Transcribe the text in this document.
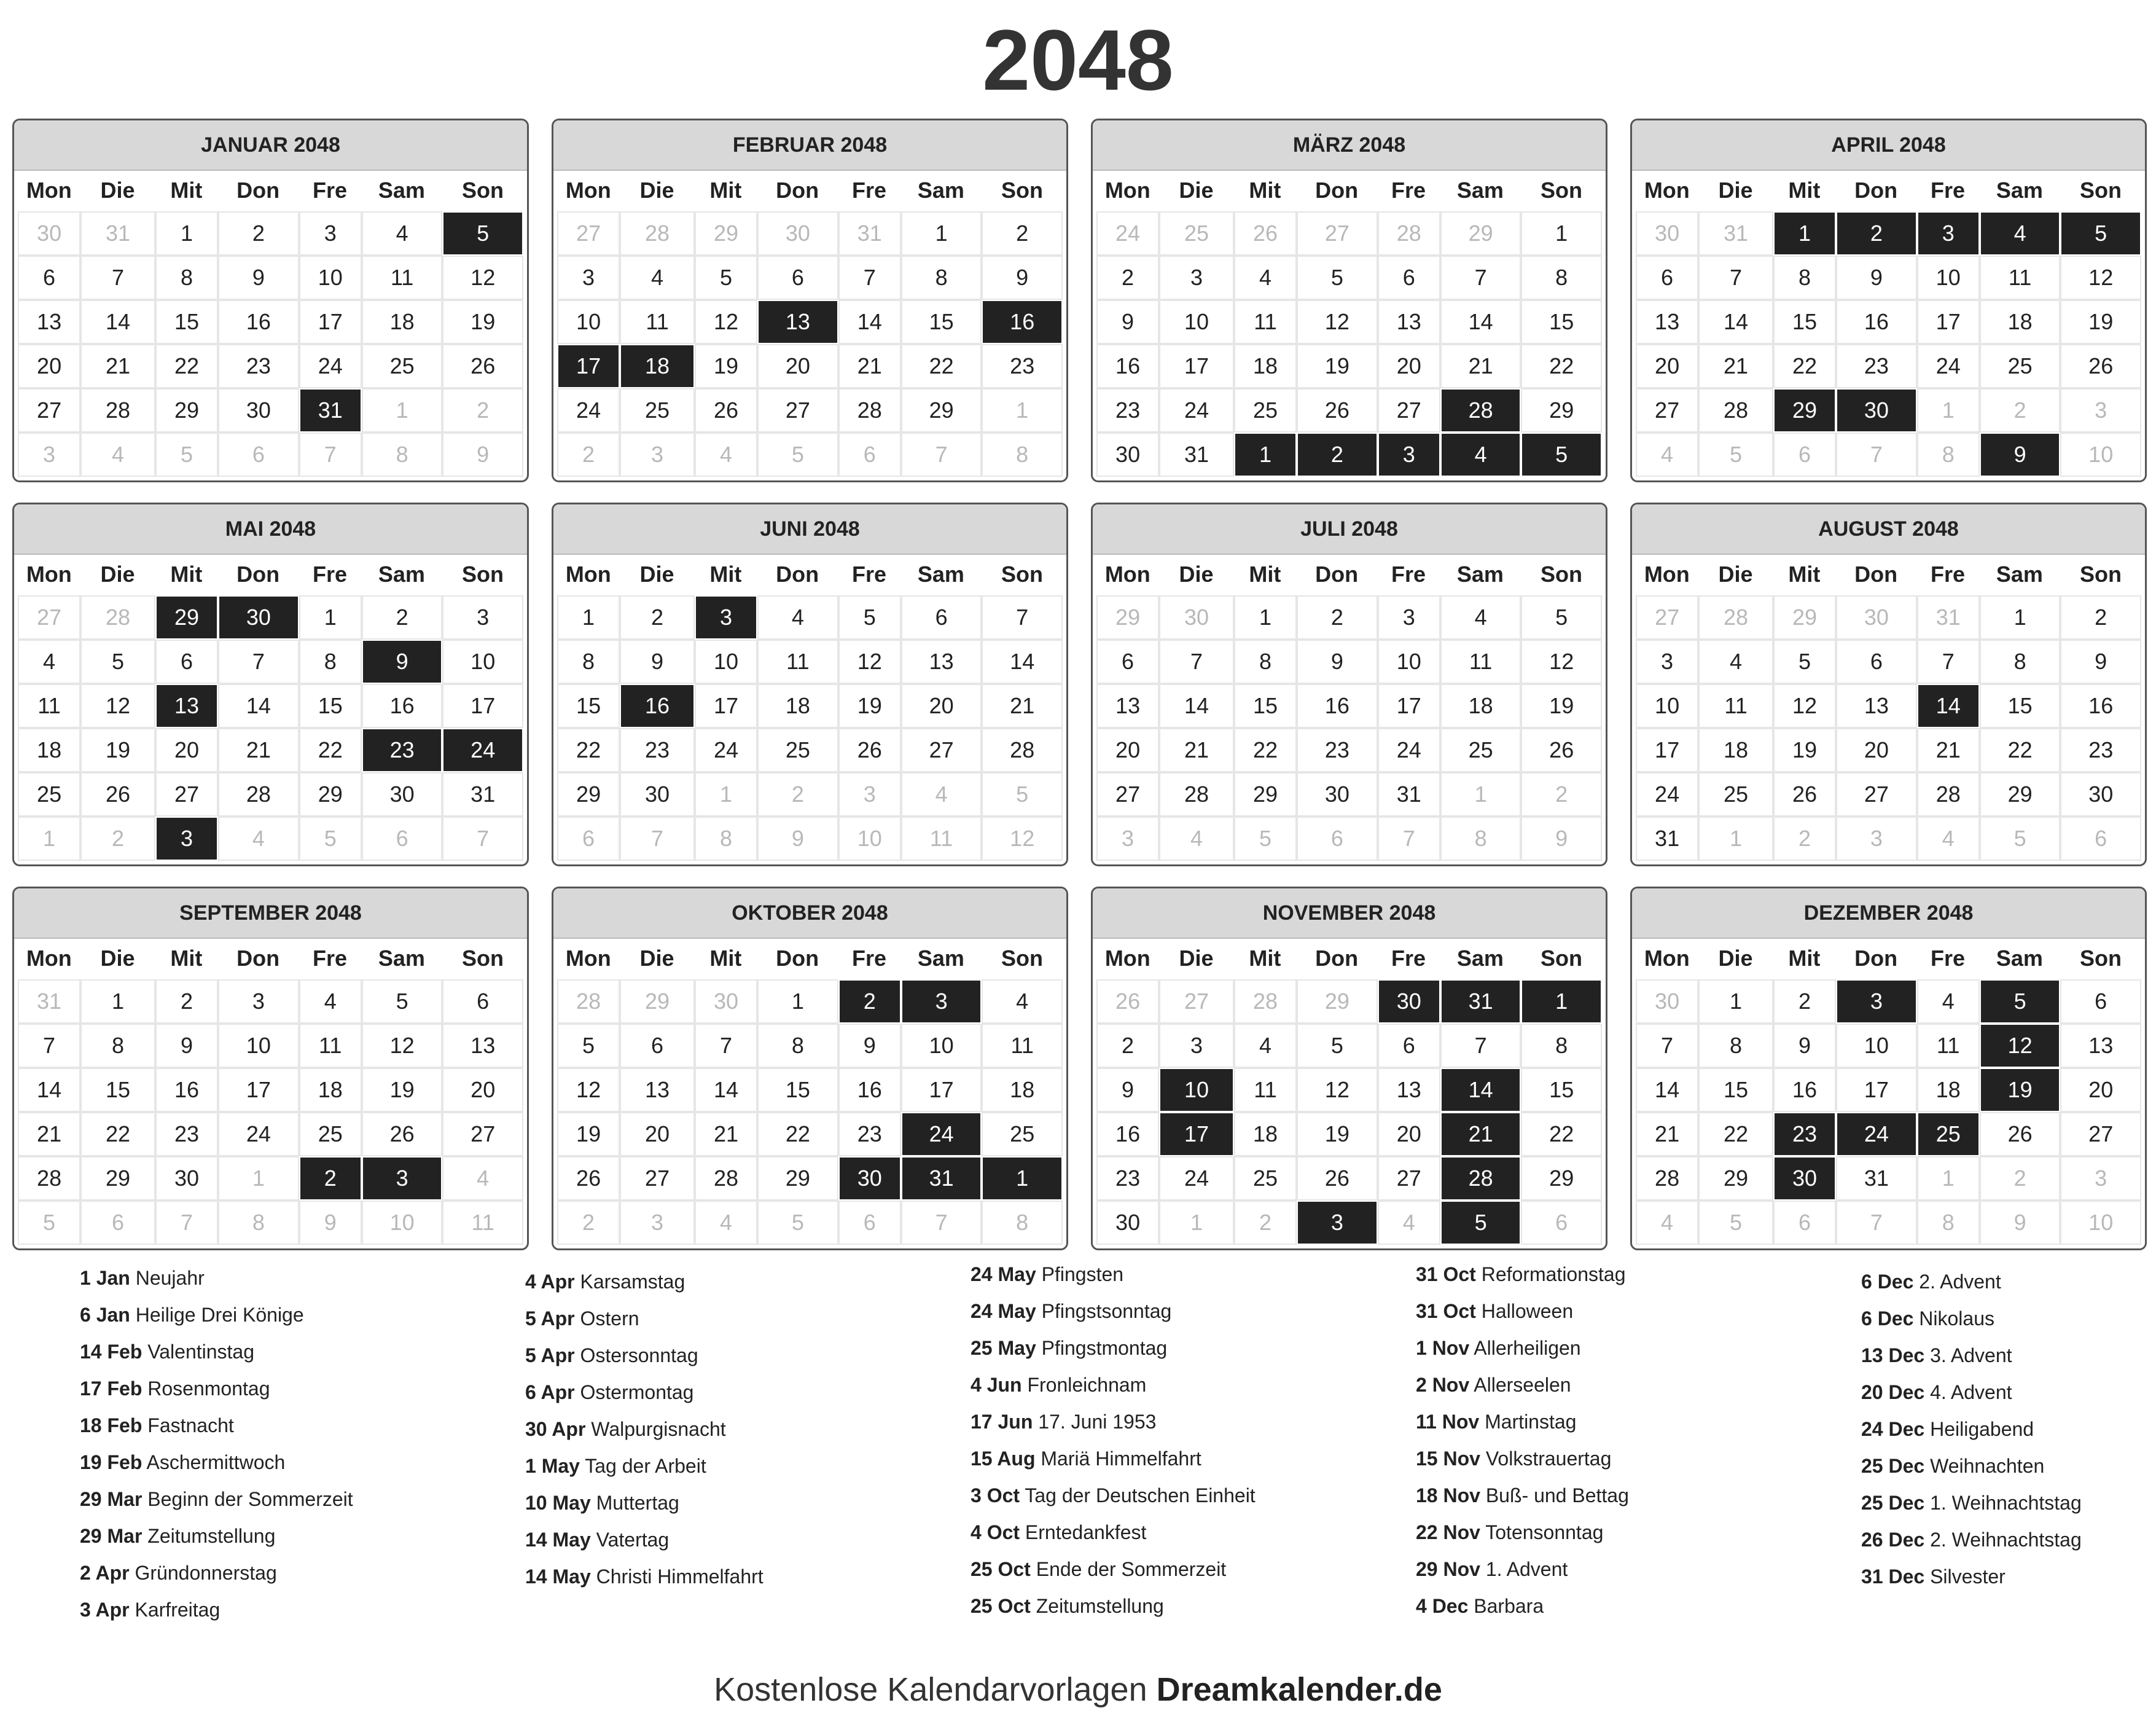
2048
JANUAR 2048
Mon	Die	Mit	Don	Fre	Sam	Son
30	31	1	2	3	4	5
6	7	8	9	10	11	12
13	14	15	16	17	18	19
20	21	22	23	24	25	26
27	28	29	30	31	1	2
3	4	5	6	7	8	9
FEBRUAR 2048
Mon	Die	Mit	Don	Fre	Sam	Son
27	28	29	30	31	1	2
3	4	5	6	7	8	9
10	11	12	13	14	15	16
17	18	19	20	21	22	23
24	25	26	27	28	29	1
2	3	4	5	6	7	8
MÄRZ 2048
Mon	Die	Mit	Don	Fre	Sam	Son
24	25	26	27	28	29	1
2	3	4	5	6	7	8
9	10	11	12	13	14	15
16	17	18	19	20	21	22
23	24	25	26	27	28	29
30	31	1	2	3	4	5
APRIL 2048
Mon	Die	Mit	Don	Fre	Sam	Son
30	31	1	2	3	4	5
6	7	8	9	10	11	12
13	14	15	16	17	18	19
20	21	22	23	24	25	26
27	28	29	30	1	2	3
4	5	6	7	8	9	10
MAI 2048
Mon	Die	Mit	Don	Fre	Sam	Son
27	28	29	30	1	2	3
4	5	6	7	8	9	10
11	12	13	14	15	16	17
18	19	20	21	22	23	24
25	26	27	28	29	30	31
1	2	3	4	5	6	7
JUNI 2048
Mon	Die	Mit	Don	Fre	Sam	Son
1	2	3	4	5	6	7
8	9	10	11	12	13	14
15	16	17	18	19	20	21
22	23	24	25	26	27	28
29	30	1	2	3	4	5
6	7	8	9	10	11	12
JULI 2048
Mon	Die	Mit	Don	Fre	Sam	Son
29	30	1	2	3	4	5
6	7	8	9	10	11	12
13	14	15	16	17	18	19
20	21	22	23	24	25	26
27	28	29	30	31	1	2
3	4	5	6	7	8	9
AUGUST 2048
Mon	Die	Mit	Don	Fre	Sam	Son
27	28	29	30	31	1	2
3	4	5	6	7	8	9
10	11	12	13	14	15	16
17	18	19	20	21	22	23
24	25	26	27	28	29	30
31	1	2	3	4	5	6
SEPTEMBER 2048
Mon	Die	Mit	Don	Fre	Sam	Son
31	1	2	3	4	5	6
7	8	9	10	11	12	13
14	15	16	17	18	19	20
21	22	23	24	25	26	27
28	29	30	1	2	3	4
5	6	7	8	9	10	11
OKTOBER 2048
Mon	Die	Mit	Don	Fre	Sam	Son
28	29	30	1	2	3	4
5	6	7	8	9	10	11
12	13	14	15	16	17	18
19	20	21	22	23	24	25
26	27	28	29	30	31	1
2	3	4	5	6	7	8
NOVEMBER 2048
Mon	Die	Mit	Don	Fre	Sam	Son
26	27	28	29	30	31	1
2	3	4	5	6	7	8
9	10	11	12	13	14	15
16	17	18	19	20	21	22
23	24	25	26	27	28	29
30	1	2	3	4	5	6
DEZEMBER 2048
Mon	Die	Mit	Don	Fre	Sam	Son
30	1	2	3	4	5	6
7	8	9	10	11	12	13
14	15	16	17	18	19	20
21	22	23	24	25	26	27
28	29	30	31	1	2	3
4	5	6	7	8	9	10
1 Jan Neujahr
6 Jan Heilige Drei Könige
14 Feb Valentinstag
17 Feb Rosenmontag
18 Feb Fastnacht
19 Feb Aschermittwoch
29 Mar Beginn der Sommerzeit
29 Mar Zeitumstellung
2 Apr Gründonnerstag
3 Apr Karfreitag
4 Apr Karsamstag
5 Apr Ostern
5 Apr Ostersonntag
6 Apr Ostermontag
30 Apr Walpurgisnacht
1 May Tag der Arbeit
10 May Muttertag
14 May Vatertag
14 May Christi Himmelfahrt
24 May Pfingsten
24 May Pfingstsonntag
25 May Pfingstmontag
4 Jun Fronleichnam
17 Jun 17. Juni 1953
15 Aug Mariä Himmelfahrt
3 Oct Tag der Deutschen Einheit
4 Oct Erntedankfest
25 Oct Ende der Sommerzeit
25 Oct Zeitumstellung
31 Oct Reformationstag
31 Oct Halloween
1 Nov Allerheiligen
2 Nov Allerseelen
11 Nov Martinstag
15 Nov Volkstrauertag
18 Nov Buß- und Bettag
22 Nov Totensonntag
29 Nov 1. Advent
4 Dec Barbara
6 Dec 2. Advent
6 Dec Nikolaus
13 Dec 3. Advent
20 Dec 4. Advent
24 Dec Heiligabend
25 Dec Weihnachten
25 Dec 1. Weihnachtstag
26 Dec 2. Weihnachtstag
31 Dec Silvester
Kostenlose Kalendarvorlagen Dreamkalender.de
